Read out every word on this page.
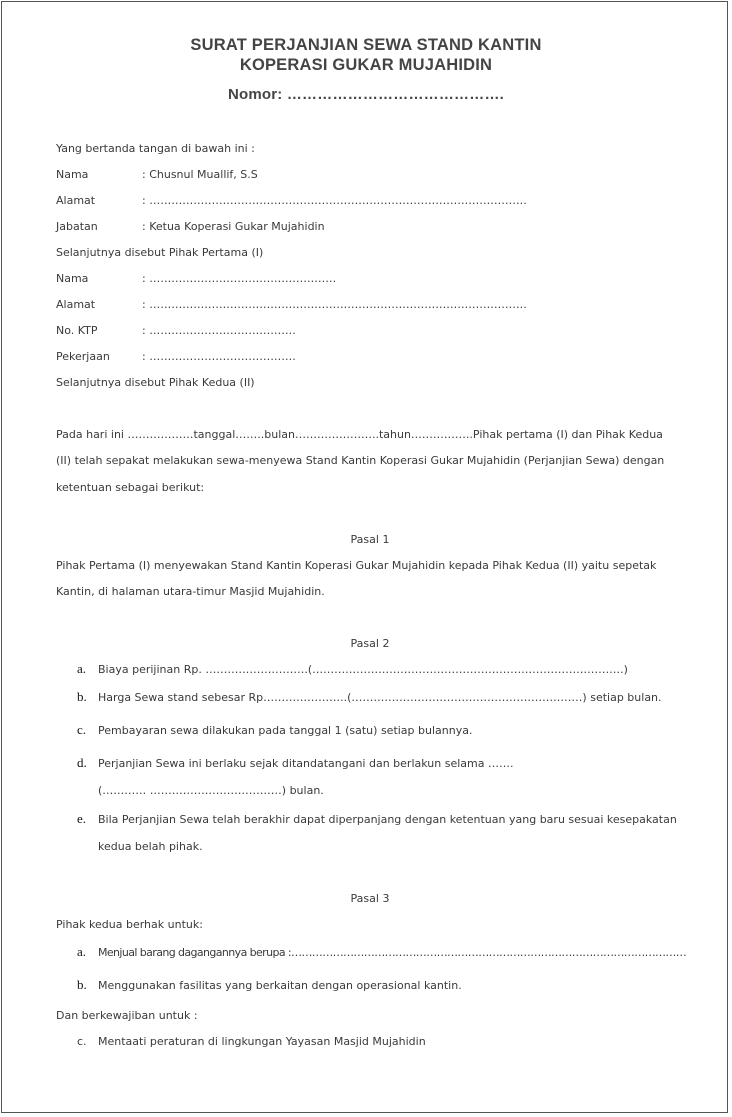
SURAT PERJANJIAN SEWA STAND KANTIN
KOPERASI GUKAR MUJAHIDIN
Nomor: …………………………………….
Yang bertanda tangan di bawah ini :
Nama	: Chusnul Muallif, S.S
Alamat	: ………………………………………………………………………………………….
Jabatan	: Ketua Koperasi Gukar Mujahidin
Selanjutnya disebut Pihak Pertama (I)
Nama	: ……………………………………………
Alamat	: ………………………………………………………………………………………….
No. KTP	: ………………………………….
Pekerjaan	: ………………………………….
Selanjutnya disebut Pihak Kedua (II)
Pada hari ini ………………tanggal……..bulan…………………..tahun……………..Pihak pertama (I) dan Pihak Kedua
(II) telah sepakat melakukan sewa-menyewa Stand Kantin Koperasi Gukar Mujahidin (Perjanjian Sewa) dengan
ketentuan sebagai berikut:
Pasal 1
Pihak Pertama (I) menyewakan Stand Kantin Koperasi Gukar Mujahidin kepada Pihak Kedua (II) yaitu sepetak
Kantin, di halaman utara-timur Masjid Mujahidin.
Pasal 2
a. Biaya perijinan Rp. ……………………….(………………………………………………………………………….)
b. Harga Sewa stand sebesar Rp…………………..(………………………………………………………) setiap bulan.
c. Pembayaran sewa dilakukan pada tanggal 1 (satu) setiap bulannya.
d. Perjanjian Sewa ini berlaku sejak ditandatangani dan berlakun selama …….
(………… ………………………………) bulan.
e. Bila Perjanjian Sewa telah berakhir dapat diperpanjang dengan ketentuan yang baru sesuai kesepakatan
kedua belah pihak.
Pasal 3
Pihak kedua berhak untuk:
a. Menjual barang dagangannya berupa :……………………………………………………………………………………………………
b. Menggunakan fasilitas yang berkaitan dengan operasional kantin.
Dan berkewajiban untuk :
c. Mentaati peraturan di lingkungan Yayasan Masjid Mujahidin
